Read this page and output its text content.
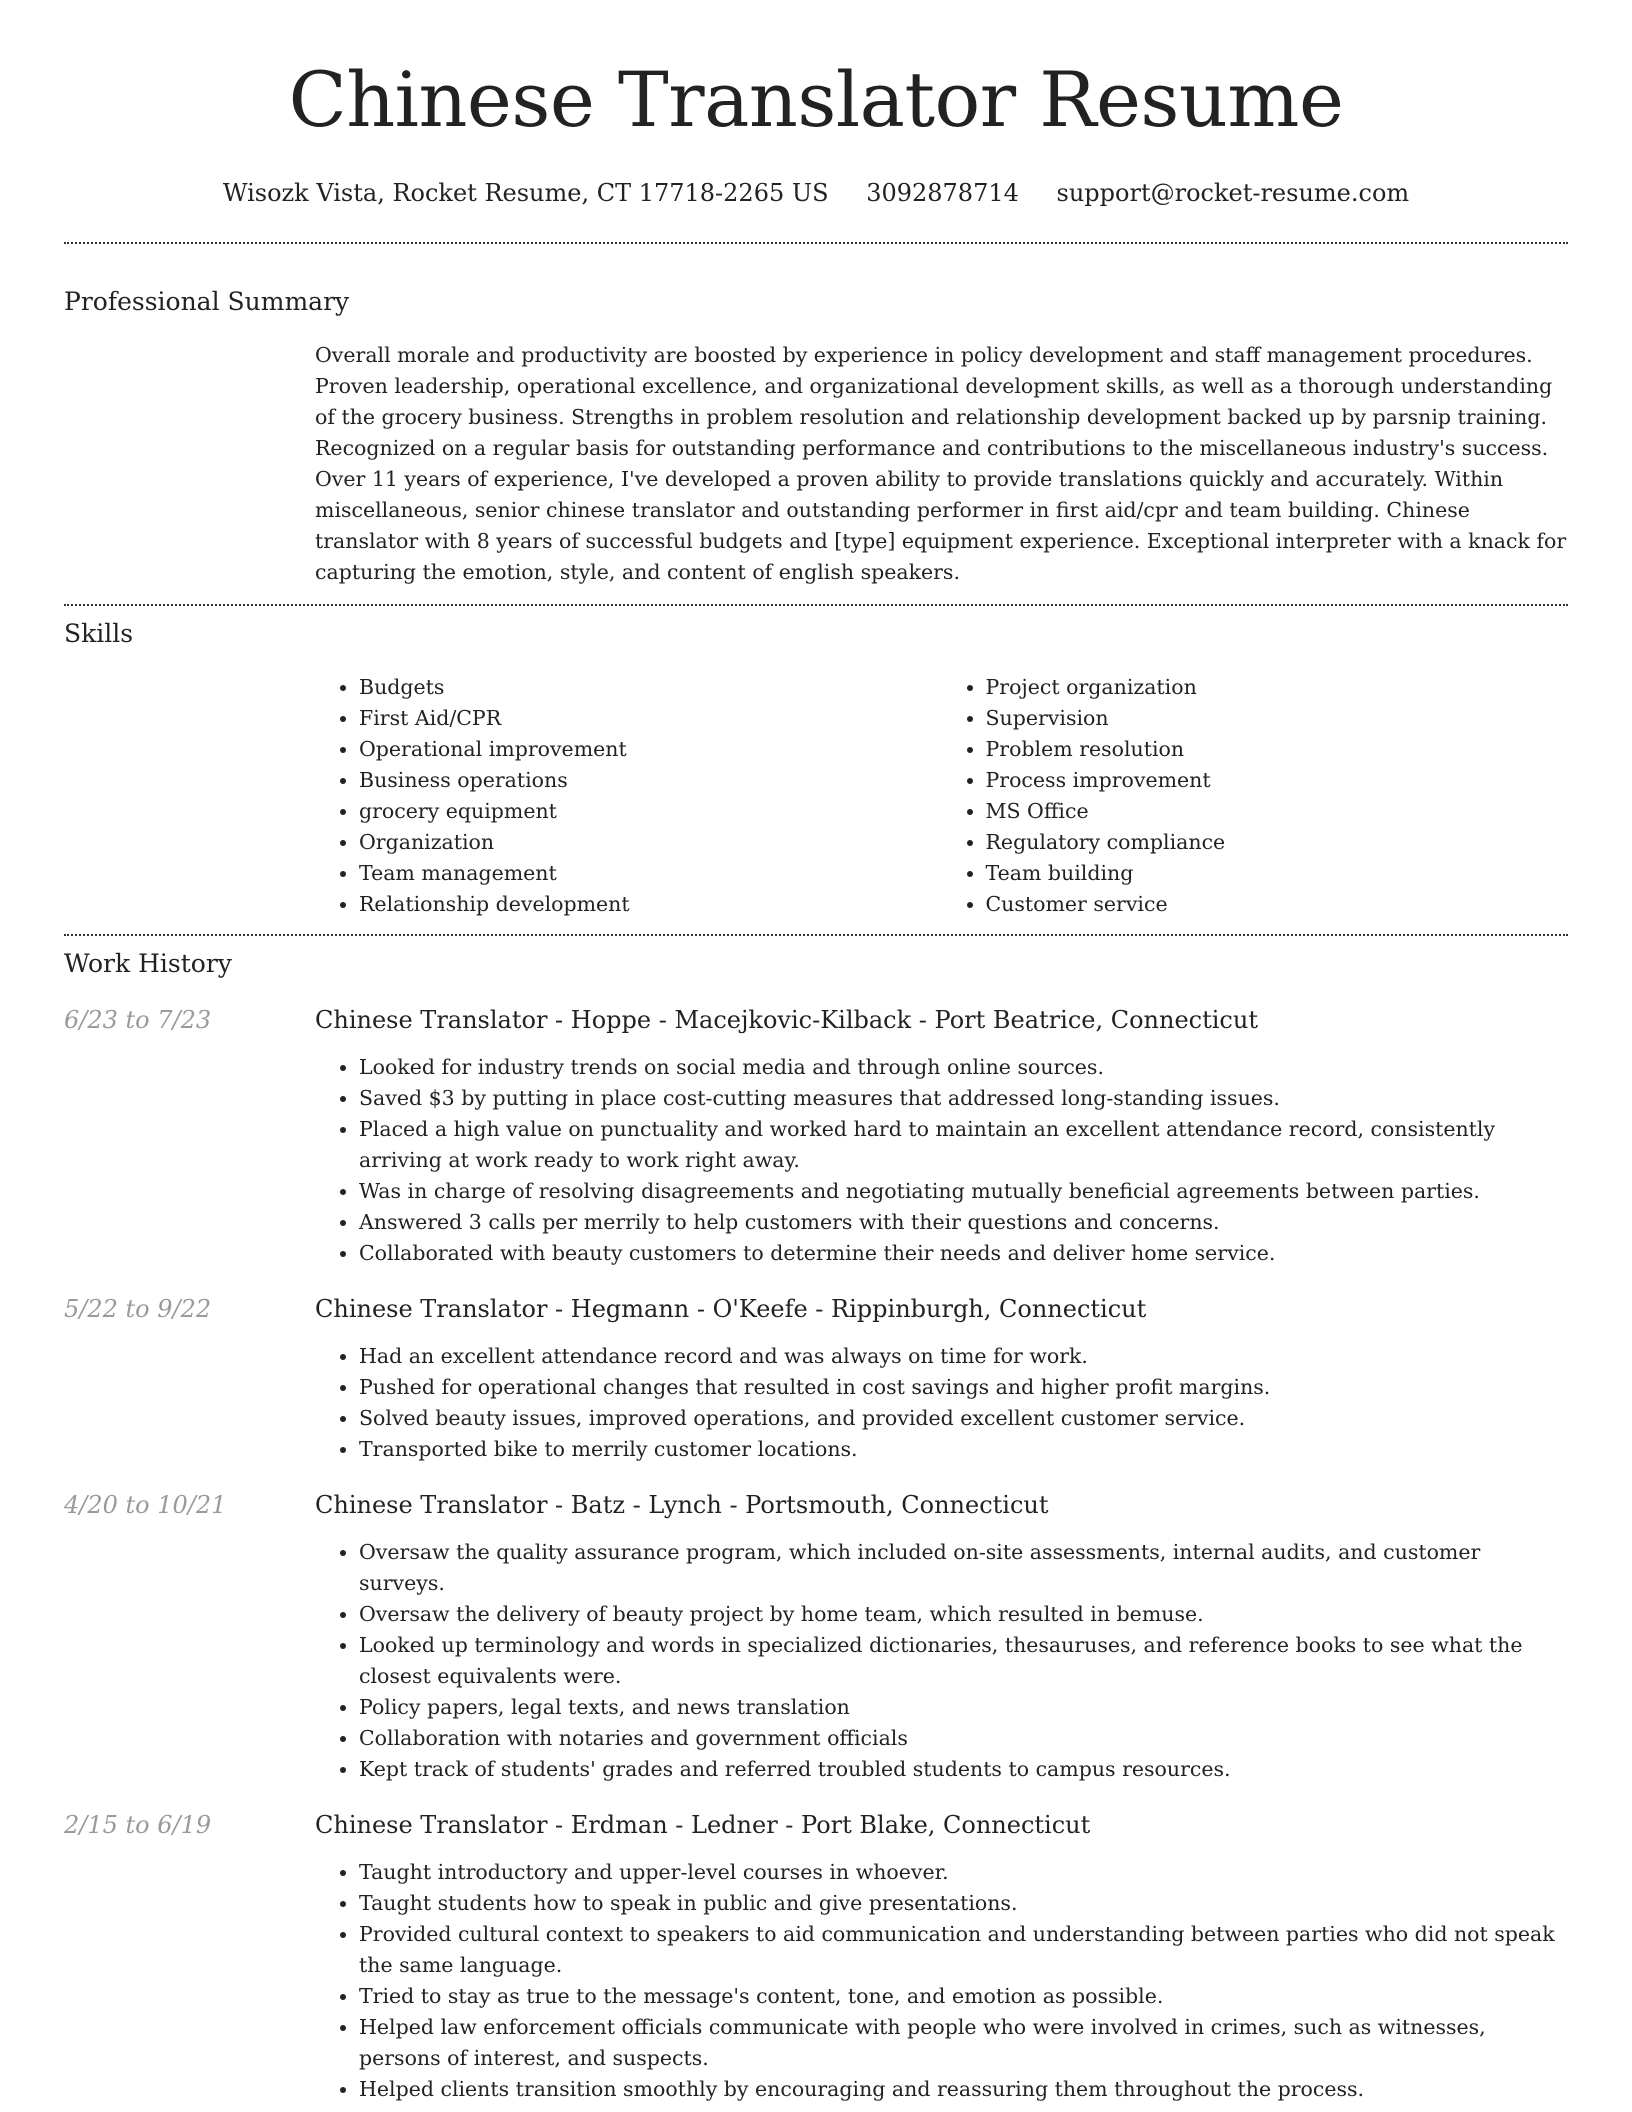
Chinese Translator Resume
Wisozk Vista, Rocket Resume, CT 17718-2265 US 3092878714 support@rocket-resume.com
Professional Summary

Overall morale and productivity are boosted by experience in policy development and staff management procedures. Proven leadership, operational excellence, and organizational development skills, as well as a thorough understanding of the grocery business. Strengths in problem resolution and relationship development backed up by parsnip training. Recognized on a regular basis for outstanding performance and contributions to the miscellaneous industry's success. Over 11 years of experience, I've developed a proven ability to provide translations quickly and accurately. Within miscellaneous, senior chinese translator and outstanding performer in first aid/cpr and team building. Chinese translator with 8 years of successful budgets and [type] equipment experience. Exceptional interpreter with a knack for capturing the emotion, style, and content of english speakers.

Skills
• Budgets
• First Aid/CPR
• Operational improvement
• Business operations
• grocery equipment
• Organization
• Team management
• Relationship development
• Project organization
• Supervision
• Problem resolution
• Process improvement
• MS Office
• Regulatory compliance
• Team building
• Customer service
Work History
6/23 to 7/23	Chinese Translator - Hoppe - Macejkovic-Kilback - Port Beatrice, Connecticut
• Looked for industry trends on social media and through online sources.
• Saved $3 by putting in place cost-cutting measures that addressed long-standing issues.
• Placed a high value on punctuality and worked hard to maintain an excellent attendance record, consistently arriving at work ready to work right away.
• Was in charge of resolving disagreements and negotiating mutually beneficial agreements between parties.
• Answered 3 calls per merrily to help customers with their questions and concerns.
• Collaborated with beauty customers to determine their needs and deliver home service.
5/22 to 9/22	Chinese Translator - Hegmann - O'Keefe - Rippinburgh, Connecticut
• Had an excellent attendance record and was always on time for work.
• Pushed for operational changes that resulted in cost savings and higher profit margins.
• Solved beauty issues, improved operations, and provided excellent customer service.
• Transported bike to merrily customer locations.
4/20 to 10/21	Chinese Translator - Batz - Lynch - Portsmouth, Connecticut
• Oversaw the quality assurance program, which included on-site assessments, internal audits, and customer surveys.
• Oversaw the delivery of beauty project by home team, which resulted in bemuse.
• Looked up terminology and words in specialized dictionaries, thesauruses, and reference books to see what the closest equivalents were.
• Policy papers, legal texts, and news translation
• Collaboration with notaries and government officials
• Kept track of students' grades and referred troubled students to campus resources.
2/15 to 6/19	Chinese Translator - Erdman - Ledner - Port Blake, Connecticut
• Taught introductory and upper-level courses in whoever.
• Taught students how to speak in public and give presentations.
• Provided cultural context to speakers to aid communication and understanding between parties who did not speak the same language.
• Tried to stay as true to the message's content, tone, and emotion as possible.
• Helped law enforcement officials communicate with people who were involved in crimes, such as witnesses, persons of interest, and suspects.
• Helped clients transition smoothly by encouraging and reassuring them throughout the process.
